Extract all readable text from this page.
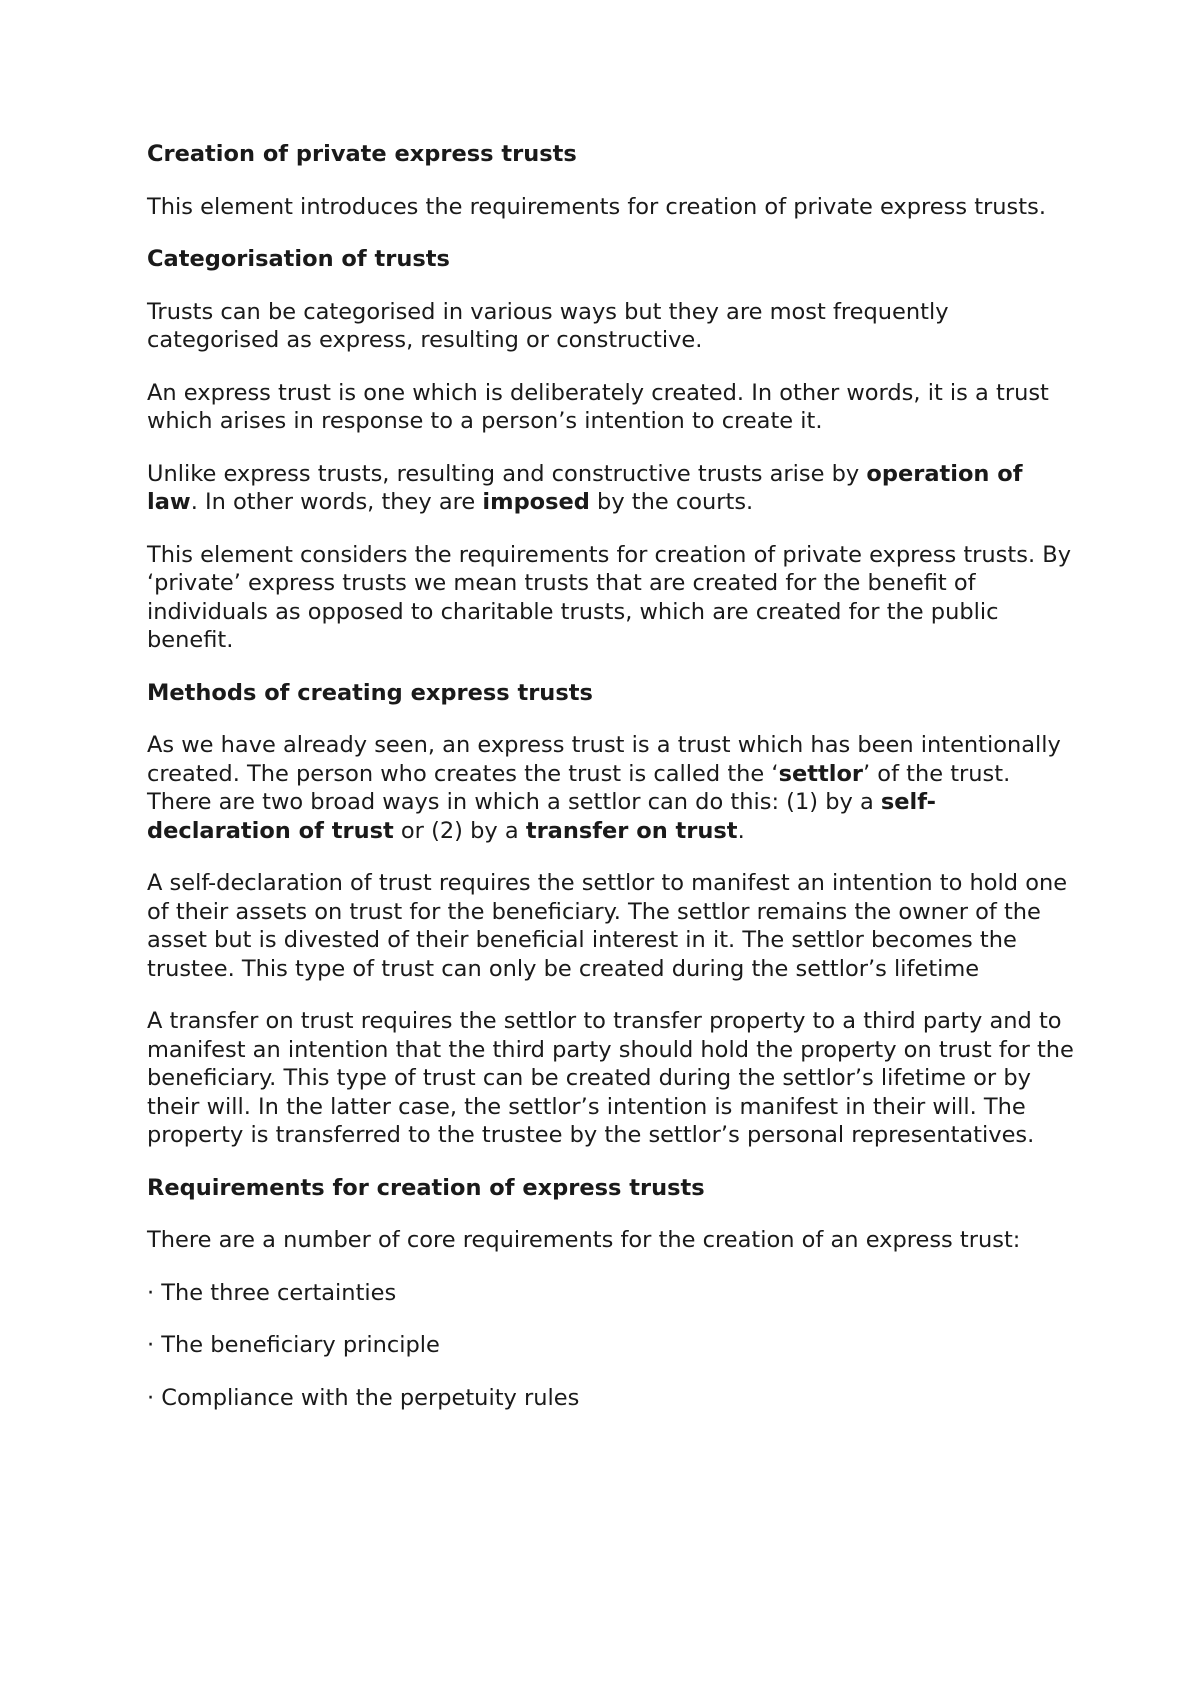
Creation of private express trusts

This element introduces the requirements for creation of private express trusts.

Categorisation of trusts

Trusts can be categorised in various ways but they are most frequently categorised as express, resulting or constructive.

An express trust is one which is deliberately created. In other words, it is a trust which arises in response to a person’s intention to create it.

Unlike express trusts, resulting and constructive trusts arise by operation of law. In other words, they are imposed by the courts.

This element considers the requirements for creation of private express trusts. By ‘private’ express trusts we mean trusts that are created for the benefit of individuals as opposed to charitable trusts, which are created for the public benefit.

Methods of creating express trusts

As we have already seen, an express trust is a trust which has been intentionally created. The person who creates the trust is called the ‘settlor’ of the trust. There are two broad ways in which a settlor can do this: (1) by a self-declaration of trust or (2) by a transfer on trust.

A self-declaration of trust requires the settlor to manifest an intention to hold one of their assets on trust for the beneficiary. The settlor remains the owner of the asset but is divested of their beneficial interest in it. The settlor becomes the trustee. This type of trust can only be created during the settlor’s lifetime

A transfer on trust requires the settlor to transfer property to a third party and to manifest an intention that the third party should hold the property on trust for the beneficiary. This type of trust can be created during the settlor’s lifetime or by their will. In the latter case, the settlor’s intention is manifest in their will. The property is transferred to the trustee by the settlor’s personal representatives.

Requirements for creation of express trusts

There are a number of core requirements for the creation of an express trust:

· The three certainties

· The beneficiary principle

· Compliance with the perpetuity rules
